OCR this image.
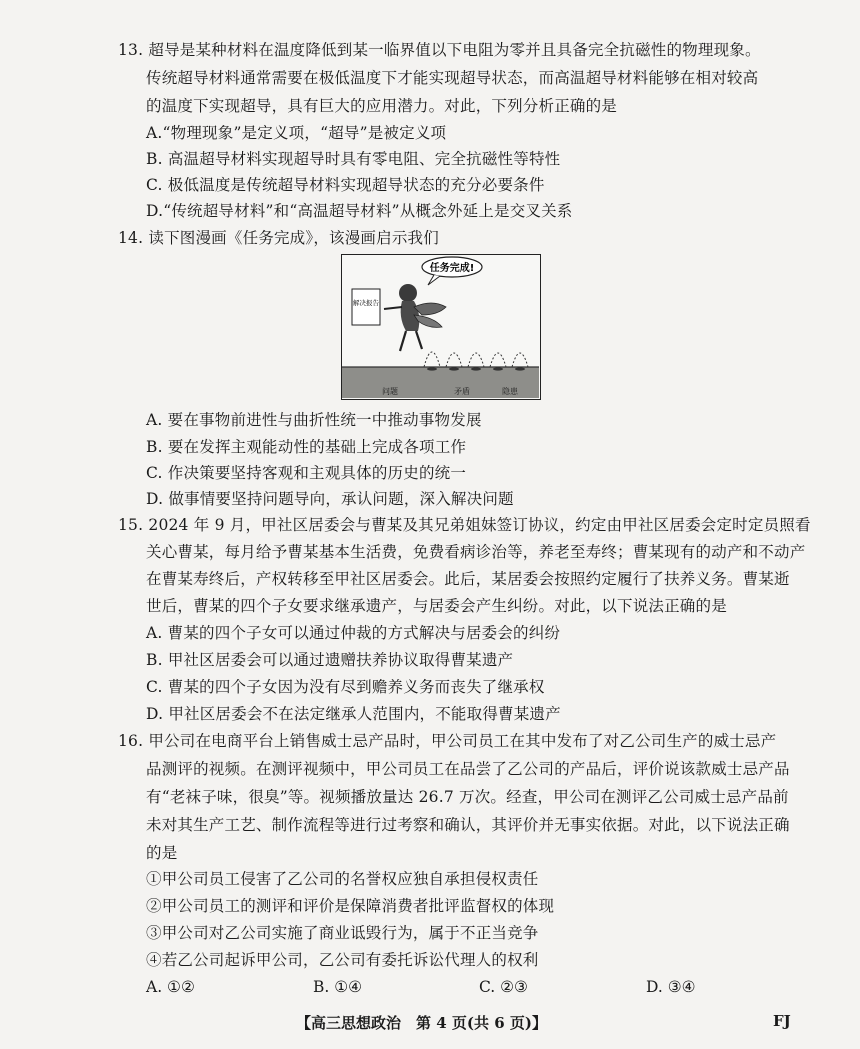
13. 超导是某种材料在温度降低到某一临界值以下电阻为零并且具备完全抗磁性的物理现象。
传统超导材料通常需要在极低温度下才能实现超导状态，而高温超导材料能够在相对较高
的温度下实现超导，具有巨大的应用潜力。对此，下列分析正确的是
A.“物理现象”是定义项，“超导”是被定义项
B. 高温超导材料实现超导时具有零电阻、完全抗磁性等特性
C. 极低温度是传统超导材料实现超导状态的充分必要条件
D.“传统超导材料”和“高温超导材料”从概念外延上是交叉关系
14. 读下图漫画《任务完成》，该漫画启示我们
任务完成!
解决报告
问题	矛盾	隐患
A. 要在事物前进性与曲折性统一中推动事物发展
B. 要在发挥主观能动性的基础上完成各项工作
C. 作决策要坚持客观和主观具体的历史的统一
D. 做事情要坚持问题导向，承认问题，深入解决问题
15. 2024 年 9 月，甲社区居委会与曹某及其兄弟姐妹签订协议，约定由甲社区居委会定时定员照看
关心曹某，每月给予曹某基本生活费，免费看病诊治等，养老至寿终；曹某现有的动产和不动产
在曹某寿终后，产权转移至甲社区居委会。此后，某居委会按照约定履行了扶养义务。曹某逝
世后，曹某的四个子女要求继承遗产，与居委会产生纠纷。对此，以下说法正确的是
A. 曹某的四个子女可以通过仲裁的方式解决与居委会的纠纷
B. 甲社区居委会可以通过遗赠扶养协议取得曹某遗产
C. 曹某的四个子女因为没有尽到赡养义务而丧失了继承权
D. 甲社区居委会不在法定继承人范围内，不能取得曹某遗产
16. 甲公司在电商平台上销售威士忌产品时，甲公司员工在其中发布了对乙公司生产的威士忌产
品测评的视频。在测评视频中，甲公司员工在品尝了乙公司的产品后，评价说该款威士忌产品
有“老袜子味，很臭”等。视频播放量达 26.7 万次。经查，甲公司在测评乙公司威士忌产品前
未对其生产工艺、制作流程等进行过考察和确认，其评价并无事实依据。对此，以下说法正确
的是
①甲公司员工侵害了乙公司的名誉权应独自承担侵权责任
②甲公司员工的测评和评价是保障消费者批评监督权的体现
③甲公司对乙公司实施了商业诋毁行为，属于不正当竞争
④若乙公司起诉甲公司，乙公司有委托诉讼代理人的权利
A. ①②	B. ①④	C. ②③	D. ③④
【高三思想政治　第 4 页(共 6 页)】	FJ
